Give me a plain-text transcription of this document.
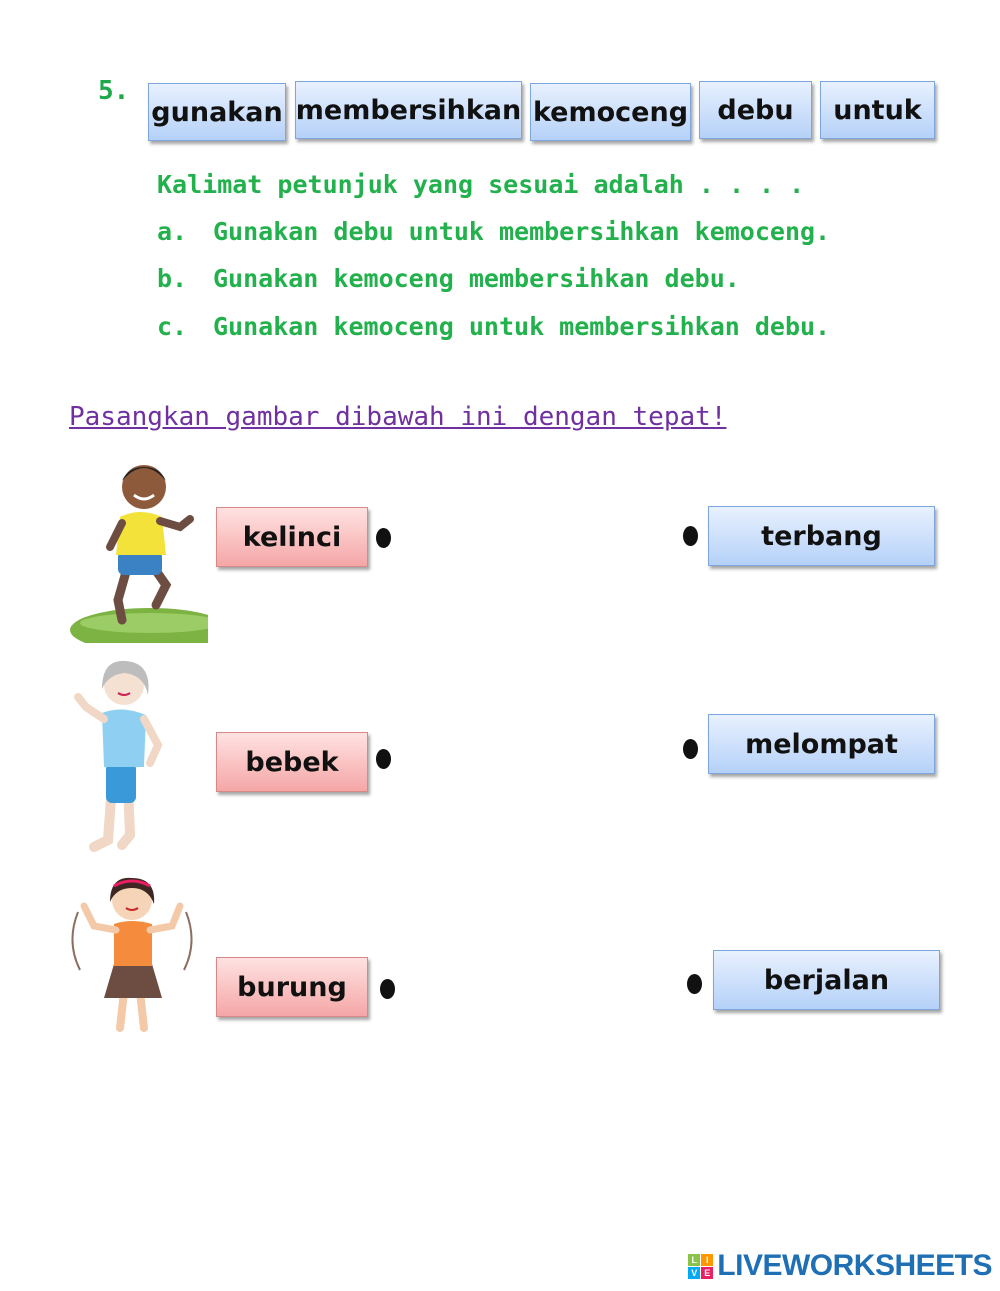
5.
gunakan membersihkan kemoceng	debu	untuk
Kalimat petunjuk yang sesuai adalah . . . .
a. Gunakan debu untuk membersihkan kemoceng.
b. Gunakan kemoceng membersihkan debu.
c. Gunakan kemoceng untuk membersihkan debu.
Pasangkan gambar dibawah ini dengan tepat!
kelinci
bebek
burung
terbang
melompat
berjalan
L I
V E LIVEWORKSHEETS
